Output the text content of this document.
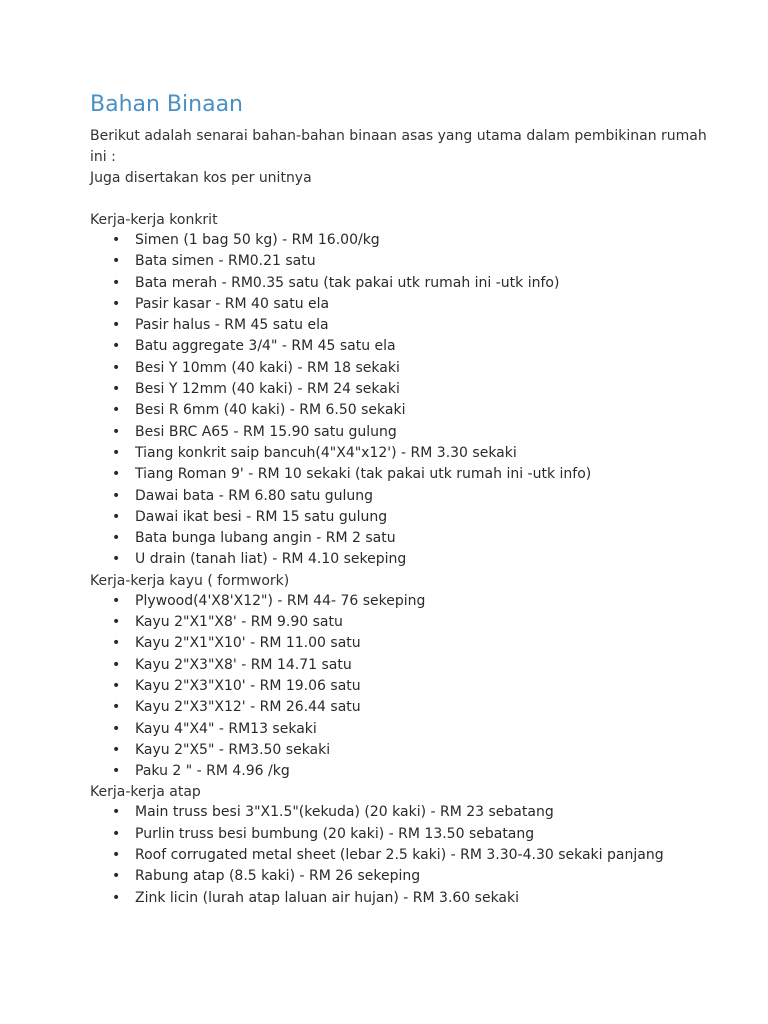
Bahan Binaan

Berikut adalah senarai bahan-bahan binaan asas yang utama dalam pembikinan rumah

ini :

Juga disertakan kos per unitnya

Kerja-kerja konkrit

• Simen (1 bag 50 kg) - RM 16.00/kg
• Bata simen - RM0.21 satu
• Bata merah - RM0.35 satu (tak pakai utk rumah ini -utk info)
• Pasir kasar - RM 40 satu ela
• Pasir halus - RM 45 satu ela
• Batu aggregate 3/4" - RM 45 satu ela
• Besi Y 10mm (40 kaki) - RM 18 sekaki
• Besi Y 12mm (40 kaki) - RM 24 sekaki
• Besi R 6mm (40 kaki) - RM 6.50 sekaki
• Besi BRC A65 - RM 15.90 satu gulung
• Tiang konkrit saip bancuh(4"X4"x12') - RM 3.30 sekaki
• Tiang Roman 9' - RM 10 sekaki (tak pakai utk rumah ini -utk info)
• Dawai bata - RM 6.80 satu gulung
• Dawai ikat besi - RM 15 satu gulung
• Bata bunga lubang angin - RM 2 satu
• U drain (tanah liat) - RM 4.10 sekeping

Kerja-kerja kayu ( formwork)

• Plywood(4'X8'X12") - RM 44- 76 sekeping
• Kayu 2"X1"X8' - RM 9.90 satu
• Kayu 2"X1"X10' - RM 11.00 satu
• Kayu 2"X3"X8' - RM 14.71 satu
• Kayu 2"X3"X10' - RM 19.06 satu
• Kayu 2"X3"X12' - RM 26.44 satu
• Kayu 4"X4" - RM13 sekaki
• Kayu 2"X5" - RM3.50 sekaki
• Paku 2 " - RM 4.96 /kg

Kerja-kerja atap

• Main truss besi 3"X1.5"(kekuda) (20 kaki) - RM 23 sebatang
• Purlin truss besi bumbung (20 kaki) - RM 13.50 sebatang
• Roof corrugated metal sheet (lebar 2.5 kaki) - RM 3.30-4.30 sekaki panjang
• Rabung atap (8.5 kaki) - RM 26 sekeping
• Zink licin (lurah atap laluan air hujan) - RM 3.60 sekaki
